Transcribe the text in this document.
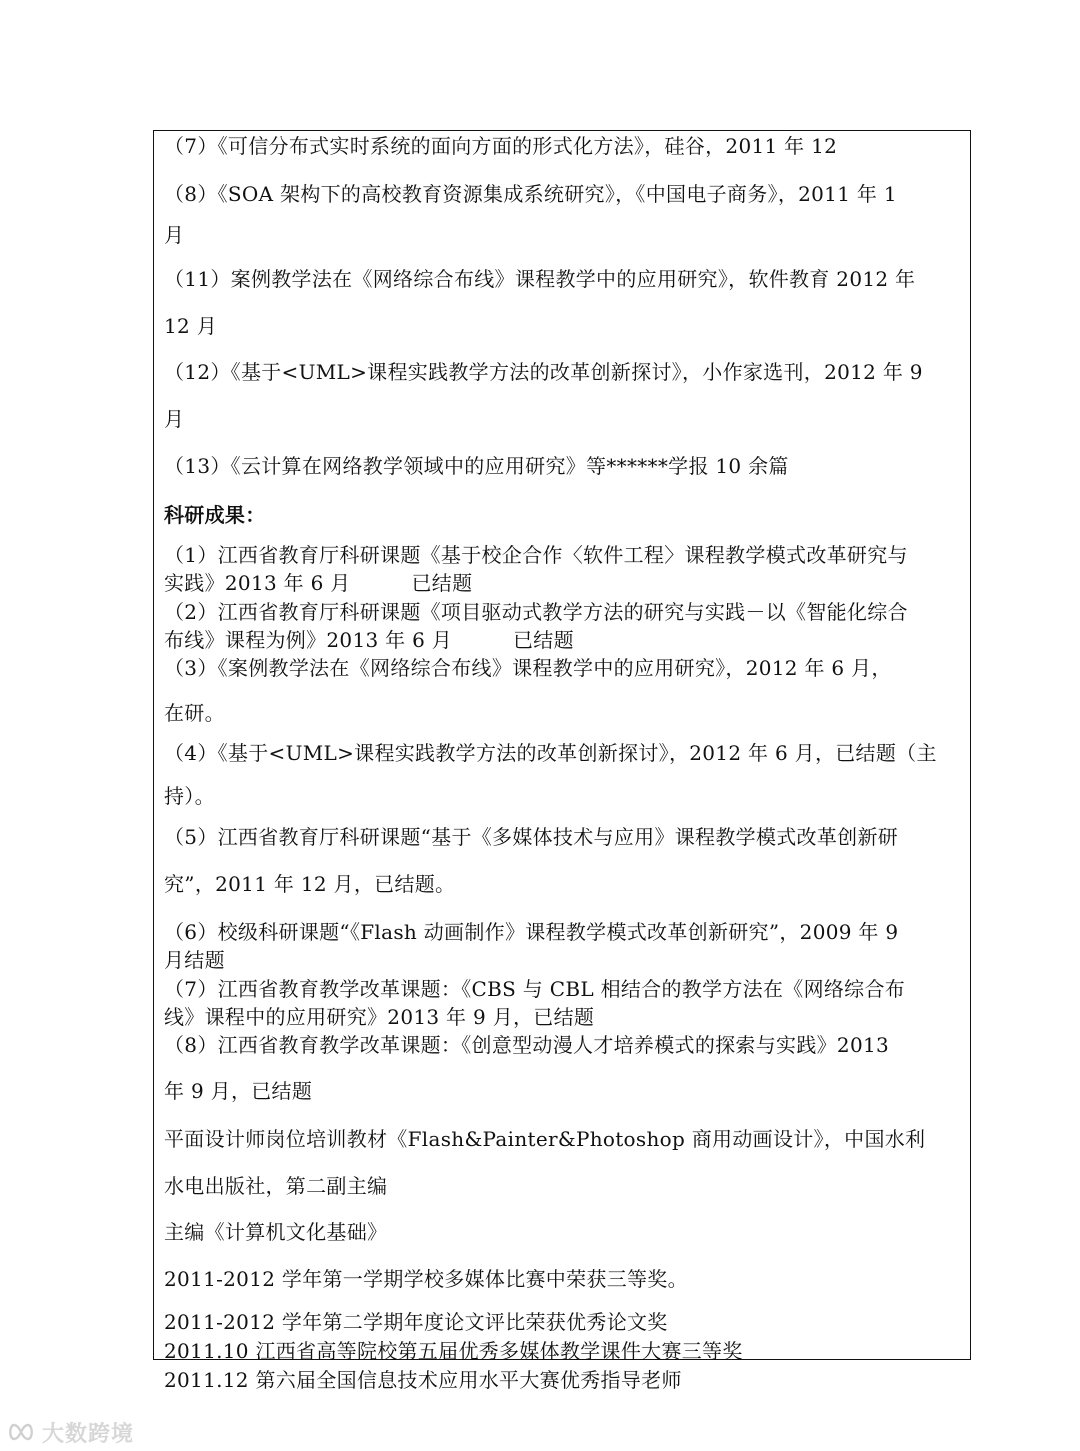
（7）《可信分布式实时系统的面向方面的形式化方法》，硅谷，2011 年 12
（8）《SOA 架构下的高校教育资源集成系统研究》，《中国电子商务》，2011 年 1
月
（11）案例教学法在《网络综合布线》课程教学中的应用研究》，软件教育 2012 年
12 月
（12）《基于<UML>课程实践教学方法的改革创新探讨》，小作家选刊，2012 年 9
月
（13）《云计算在网络教学领域中的应用研究》等******学报 10 余篇
科研成果：
（1）江西省教育厅科研课题《基于校企合作〈软件工程〉课程教学模式改革研究与
实践》2013 年 6 月　　　已结题
（2）江西省教育厅科研课题《项目驱动式教学方法的研究与实践－以《智能化综合
布线》课程为例》2013 年 6 月　　　已结题
（3）《案例教学法在《网络综合布线》课程教学中的应用研究》，2012 年 6 月，
在研。
（4）《基于<UML>课程实践教学方法的改革创新探讨》，2012 年 6 月，已结题（主
持）。
（5）江西省教育厅科研课题“基于《多媒体技术与应用》课程教学模式改革创新研
究”，2011 年 12 月，已结题。
（6）校级科研课题“《Flash 动画制作》课程教学模式改革创新研究”，2009 年 9
月结题
（7）江西省教育教学改革课题：《CBS 与 CBL 相结合的教学方法在《网络综合布
线》课程中的应用研究》2013 年 9 月，已结题
（8）江西省教育教学改革课题：《创意型动漫人才培养模式的探索与实践》2013
年 9 月，已结题
平面设计师岗位培训教材《Flash&Painter&Photoshop 商用动画设计》，中国水利
水电出版社，第二副主编
主编《计算机文化基础》
2011-2012 学年第一学期学校多媒体比赛中荣获三等奖。
2011-2012 学年第二学期年度论文评比荣获优秀论文奖
2011.10 江西省高等院校第五届优秀多媒体教学课件大赛三等奖
2011.12 第六届全国信息技术应用水平大赛优秀指导老师
大数跨境
